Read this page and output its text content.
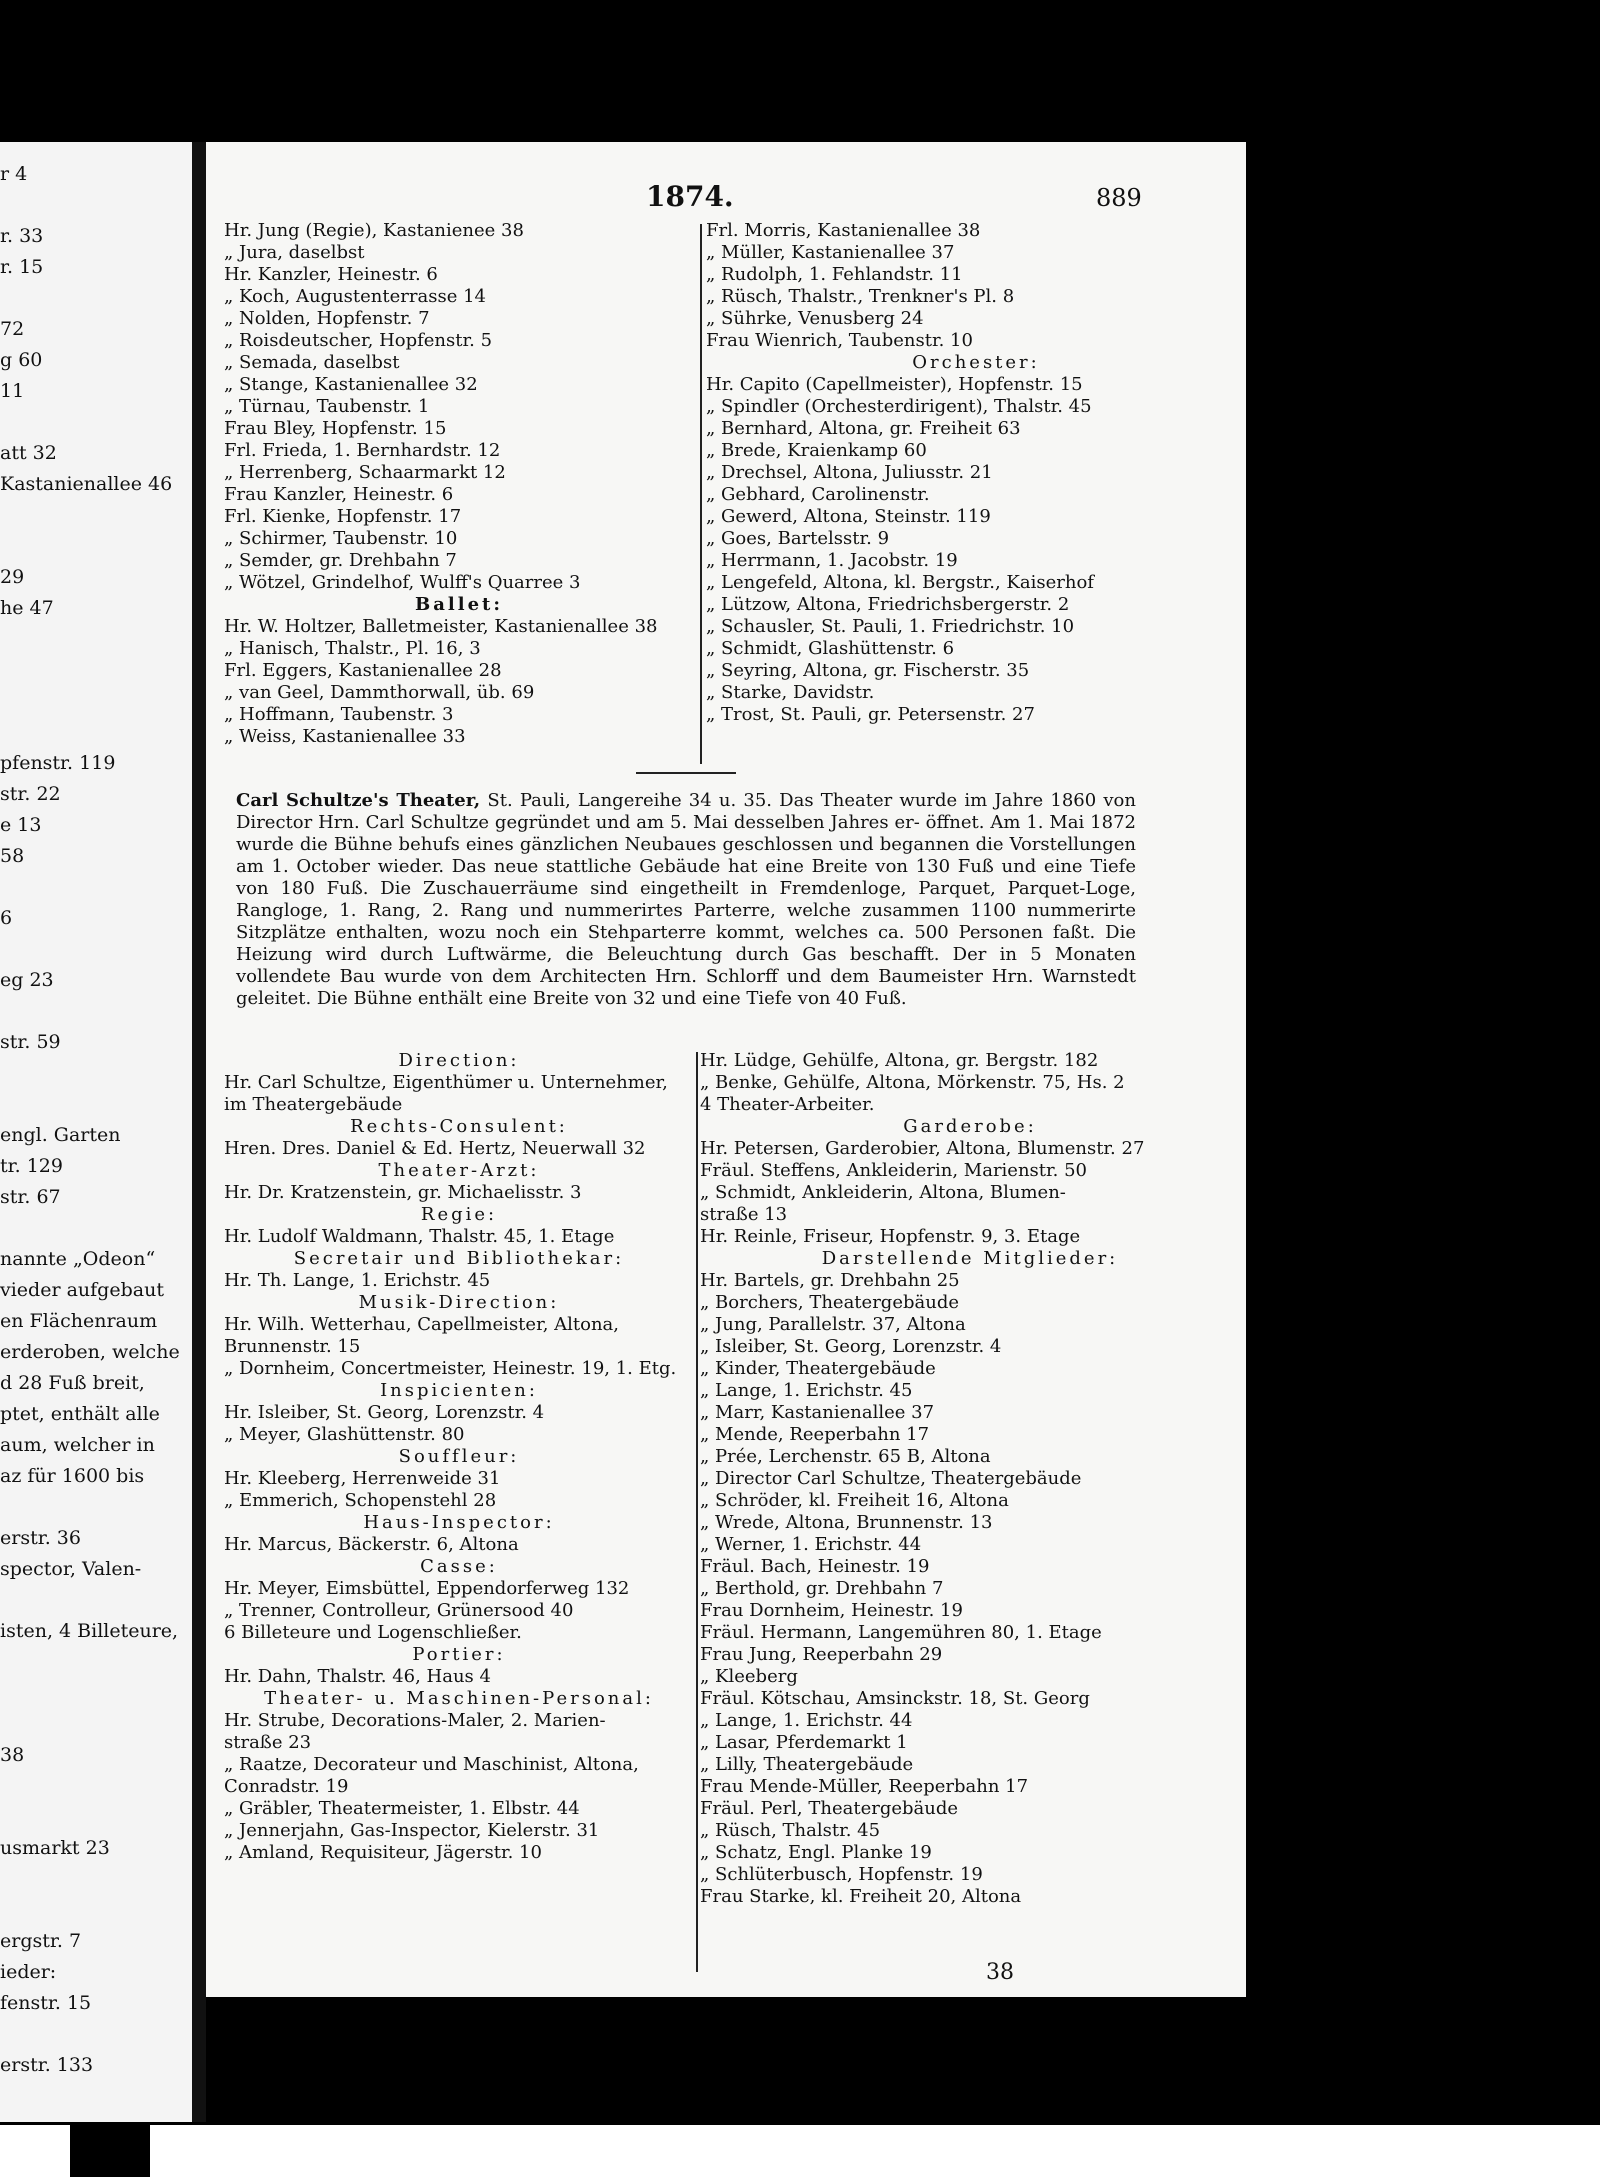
r 4
r. 33
r. 15
72
g 60
11
att 32
Kastanienallee 46
29
he 47
pfenstr. 119
str. 22
e 13
58
6
eg 23
str. 59
engl. Garten
tr. 129
str. 67
nannte „Odeon“
vieder aufgebaut
en Flächenraum
erderoben, welche
d 28 Fuß breit,
ptet, enthält alle
aum, welcher in
az für 1600 bis
erstr. 36
spector, Valen-
isten, 4 Billeteure,
38
usmarkt 23
ergstr. 7
ieder:
fenstr. 15
erstr. 133
1874.	889
Hr. Jung (Regie), Kastanienee 38
„ Jura, daselbst
Hr. Kanzler, Heinestr. 6
„ Koch, Augustenterrasse 14
„ Nolden, Hopfenstr. 7
„ Roisdeutscher, Hopfenstr. 5
„ Semada, daselbst
„ Stange, Kastanienallee 32
„ Türnau, Taubenstr. 1
Frau Bley, Hopfenstr. 15
Frl. Frieda, 1. Bernhardstr. 12
„ Herrenberg, Schaarmarkt 12
Frau Kanzler, Heinestr. 6
Frl. Kienke, Hopfenstr. 17
„ Schirmer, Taubenstr. 10
„ Semder, gr. Drehbahn 7
„ Wötzel, Grindelhof, Wulff's Quarree 3
Ballet:
Hr. W. Holtzer, Balletmeister, Kastanienallee 38
„ Hanisch, Thalstr., Pl. 16, 3
Frl. Eggers, Kastanienallee 28
„ van Geel, Dammthorwall, üb. 69
„ Hoffmann, Taubenstr. 3
„ Weiss, Kastanienallee 33
Frl. Morris, Kastanienallee 38
„ Müller, Kastanienallee 37
„ Rudolph, 1. Fehlandstr. 11
„ Rüsch, Thalstr., Trenkner's Pl. 8
„ Sührke, Venusberg 24
Frau Wienrich, Taubenstr. 10
Orchester:
Hr. Capito (Capellmeister), Hopfenstr. 15
„ Spindler (Orchesterdirigent), Thalstr. 45
„ Bernhard, Altona, gr. Freiheit 63
„ Brede, Kraienkamp 60
„ Drechsel, Altona, Juliusstr. 21
„ Gebhard, Carolinenstr.
„ Gewerd, Altona, Steinstr. 119
„ Goes, Bartelsstr. 9
„ Herrmann, 1. Jacobstr. 19
„ Lengefeld, Altona, kl. Bergstr., Kaiserhof
„ Lützow, Altona, Friedrichsbergerstr. 2
„ Schausler, St. Pauli, 1. Friedrichstr. 10
„ Schmidt, Glashüttenstr. 6
„ Seyring, Altona, gr. Fischerstr. 35
„ Starke, Davidstr.
„ Trost, St. Pauli, gr. Petersenstr. 27
Carl Schultze's Theater, St. Pauli, Langereihe 34 u. 35. Das Theater wurde im Jahre 1860 von Director Hrn. Carl Schultze gegründet und am 5. Mai desselben Jahres er- öffnet. Am 1. Mai 1872 wurde die Bühne behufs eines gänzlichen Neubaues geschlossen und begannen die Vorstellungen am 1. October wieder. Das neue stattliche Gebäude hat eine Breite von 130 Fuß und eine Tiefe von 180 Fuß. Die Zuschauerräume sind eingetheilt in Fremdenloge, Parquet, Parquet-Loge, Rangloge, 1. Rang, 2. Rang und nummerirtes Parterre, welche zusammen 1100 nummerirte Sitzplätze enthalten, wozu noch ein Stehparterre kommt, welches ca. 500 Personen faßt. Die Heizung wird durch Luftwärme, die Beleuchtung durch Gas beschafft. Der in 5 Monaten vollendete Bau wurde von dem Architecten Hrn. Schlorff und dem Baumeister Hrn. Warnstedt geleitet. Die Bühne enthält eine Breite von 32 und eine Tiefe von 40 Fuß.
Direction:
Hr. Carl Schultze, Eigenthümer u. Unternehmer,
im Theatergebäude
Rechts-Consulent:
Hren. Dres. Daniel & Ed. Hertz, Neuerwall 32
Theater-Arzt:
Hr. Dr. Kratzenstein, gr. Michaelisstr. 3
Regie:
Hr. Ludolf Waldmann, Thalstr. 45, 1. Etage
Secretair und Bibliothekar:
Hr. Th. Lange, 1. Erichstr. 45
Musik-Direction:
Hr. Wilh. Wetterhau, Capellmeister, Altona,
Brunnenstr. 15
„ Dornheim, Concertmeister, Heinestr. 19, 1. Etg.
Inspicienten:
Hr. Isleiber, St. Georg, Lorenzstr. 4
„ Meyer, Glashüttenstr. 80
Souffleur:
Hr. Kleeberg, Herrenweide 31
„ Emmerich, Schopenstehl 28
Haus-Inspector:
Hr. Marcus, Bäckerstr. 6, Altona
Casse:
Hr. Meyer, Eimsbüttel, Eppendorferweg 132
„ Trenner, Controlleur, Grünersood 40
6 Billeteure und Logenschließer.
Portier:
Hr. Dahn, Thalstr. 46, Haus 4
Theater- u. Maschinen-Personal:
Hr. Strube, Decorations-Maler, 2. Marien-
straße 23
„ Raatze, Decorateur und Maschinist, Altona,
Conradstr. 19
„ Gräbler, Theatermeister, 1. Elbstr. 44
„ Jennerjahn, Gas-Inspector, Kielerstr. 31
„ Amland, Requisiteur, Jägerstr. 10
Hr. Lüdge, Gehülfe, Altona, gr. Bergstr. 182
„ Benke, Gehülfe, Altona, Mörkenstr. 75, Hs. 2
4 Theater-Arbeiter.
Garderobe:
Hr. Petersen, Garderobier, Altona, Blumenstr. 27
Fräul. Steffens, Ankleiderin, Marienstr. 50
„ Schmidt, Ankleiderin, Altona, Blumen-
straße 13
Hr. Reinle, Friseur, Hopfenstr. 9, 3. Etage
Darstellende Mitglieder:
Hr. Bartels, gr. Drehbahn 25
„ Borchers, Theatergebäude
„ Jung, Parallelstr. 37, Altona
„ Isleiber, St. Georg, Lorenzstr. 4
„ Kinder, Theatergebäude
„ Lange, 1. Erichstr. 45
„ Marr, Kastanienallee 37
„ Mende, Reeperbahn 17
„ Prée, Lerchenstr. 65 B, Altona
„ Director Carl Schultze, Theatergebäude
„ Schröder, kl. Freiheit 16, Altona
„ Wrede, Altona, Brunnenstr. 13
„ Werner, 1. Erichstr. 44
Fräul. Bach, Heinestr. 19
„ Berthold, gr. Drehbahn 7
Frau Dornheim, Heinestr. 19
Fräul. Hermann, Langemühren 80, 1. Etage
Frau Jung, Reeperbahn 29
„ Kleeberg
Fräul. Kötschau, Amsinckstr. 18, St. Georg
„ Lange, 1. Erichstr. 44
„ Lasar, Pferdemarkt 1
„ Lilly, Theatergebäude
Frau Mende-Müller, Reeperbahn 17
Fräul. Perl, Theatergebäude
„ Rüsch, Thalstr. 45
„ Schatz, Engl. Planke 19
„ Schlüterbusch, Hopfenstr. 19
Frau Starke, kl. Freiheit 20, Altona
38
